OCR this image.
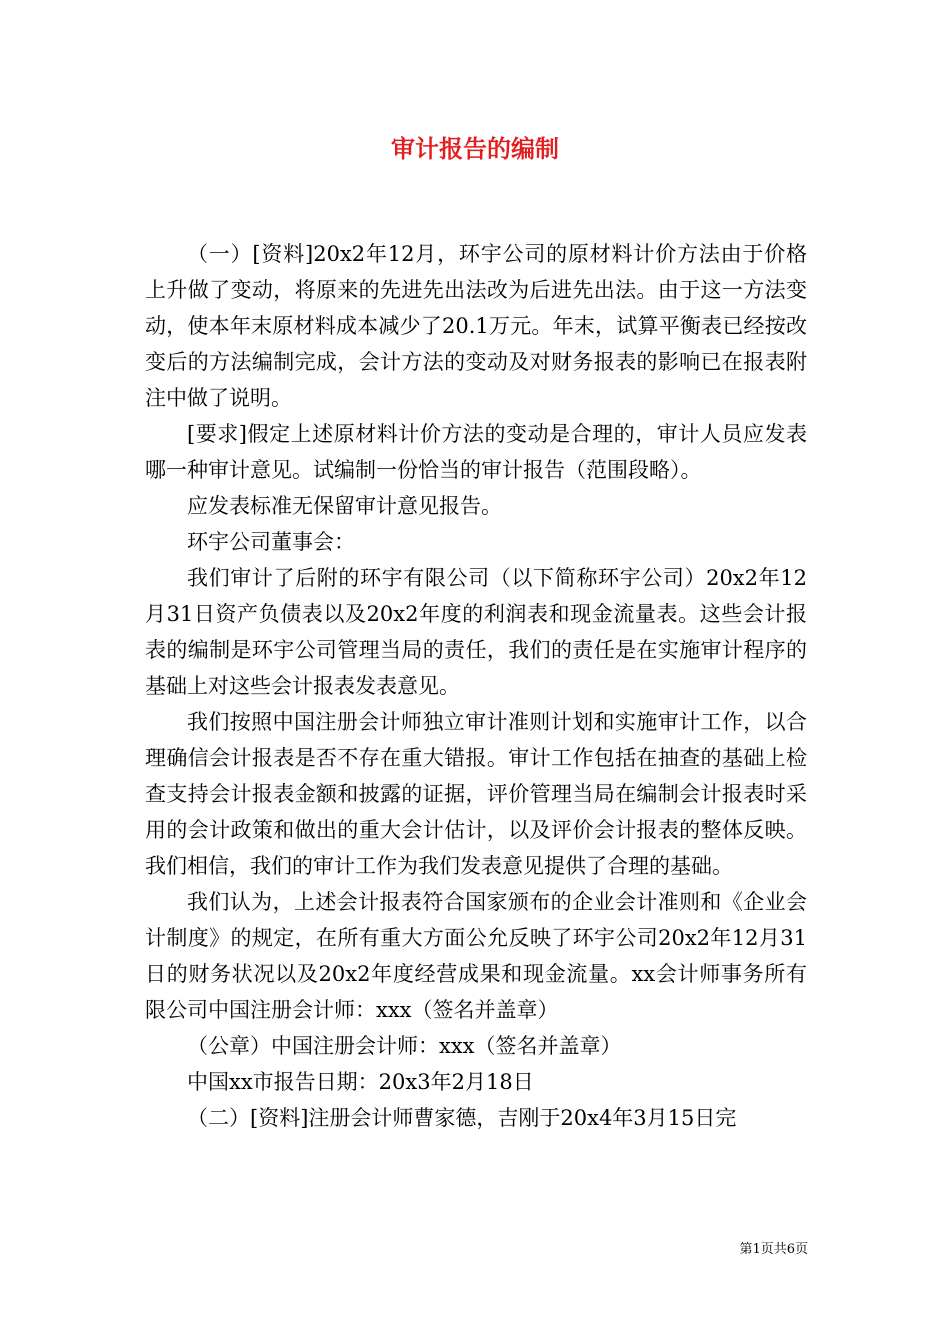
审计报告的编制

（一）[资料]20x2年12月，环宇公司的原材料计价方法由于价格上升做了变动，将原来的先进先出法改为后进先出法。由于这一方法变动，使本年末原材料成本减少了20.1万元。年末，试算平衡表已经按改变后的方法编制完成，会计方法的变动及对财务报表的影响已在报表附注中做了说明。

[要求]假定上述原材料计价方法的变动是合理的，审计人员应发表哪一种审计意见。试编制一份恰当的审计报告（范围段略）。

应发表标准无保留审计意见报告。

环宇公司董事会：

我们审计了后附的环宇有限公司（以下简称环宇公司）20x2年12月31日资产负债表以及20x2年度的利润表和现金流量表。这些会计报表的编制是环宇公司管理当局的责任，我们的责任是在实施审计程序的基础上对这些会计报表发表意见。

我们按照中国注册会计师独立审计准则计划和实施审计工作，以合理确信会计报表是否不存在重大错报。审计工作包括在抽查的基础上检查支持会计报表金额和披露的证据，评价管理当局在编制会计报表时采用的会计政策和做出的重大会计估计，以及评价会计报表的整体反映。我们相信，我们的审计工作为我们发表意见提供了合理的基础。

我们认为，上述会计报表符合国家颁布的企业会计准则和《企业会计制度》的规定，在所有重大方面公允反映了环宇公司20x2年12月31日的财务状况以及20x2年度经营成果和现金流量。xx会计师事务所有限公司中国注册会计师：xxx（签名并盖章）

（公章）中国注册会计师：xxx（签名并盖章）

中国xx市报告日期：20x3年2月18日

（二）[资料]注册会计师曹家德，吉刚于20x4年3月15日完

第1页共6页
